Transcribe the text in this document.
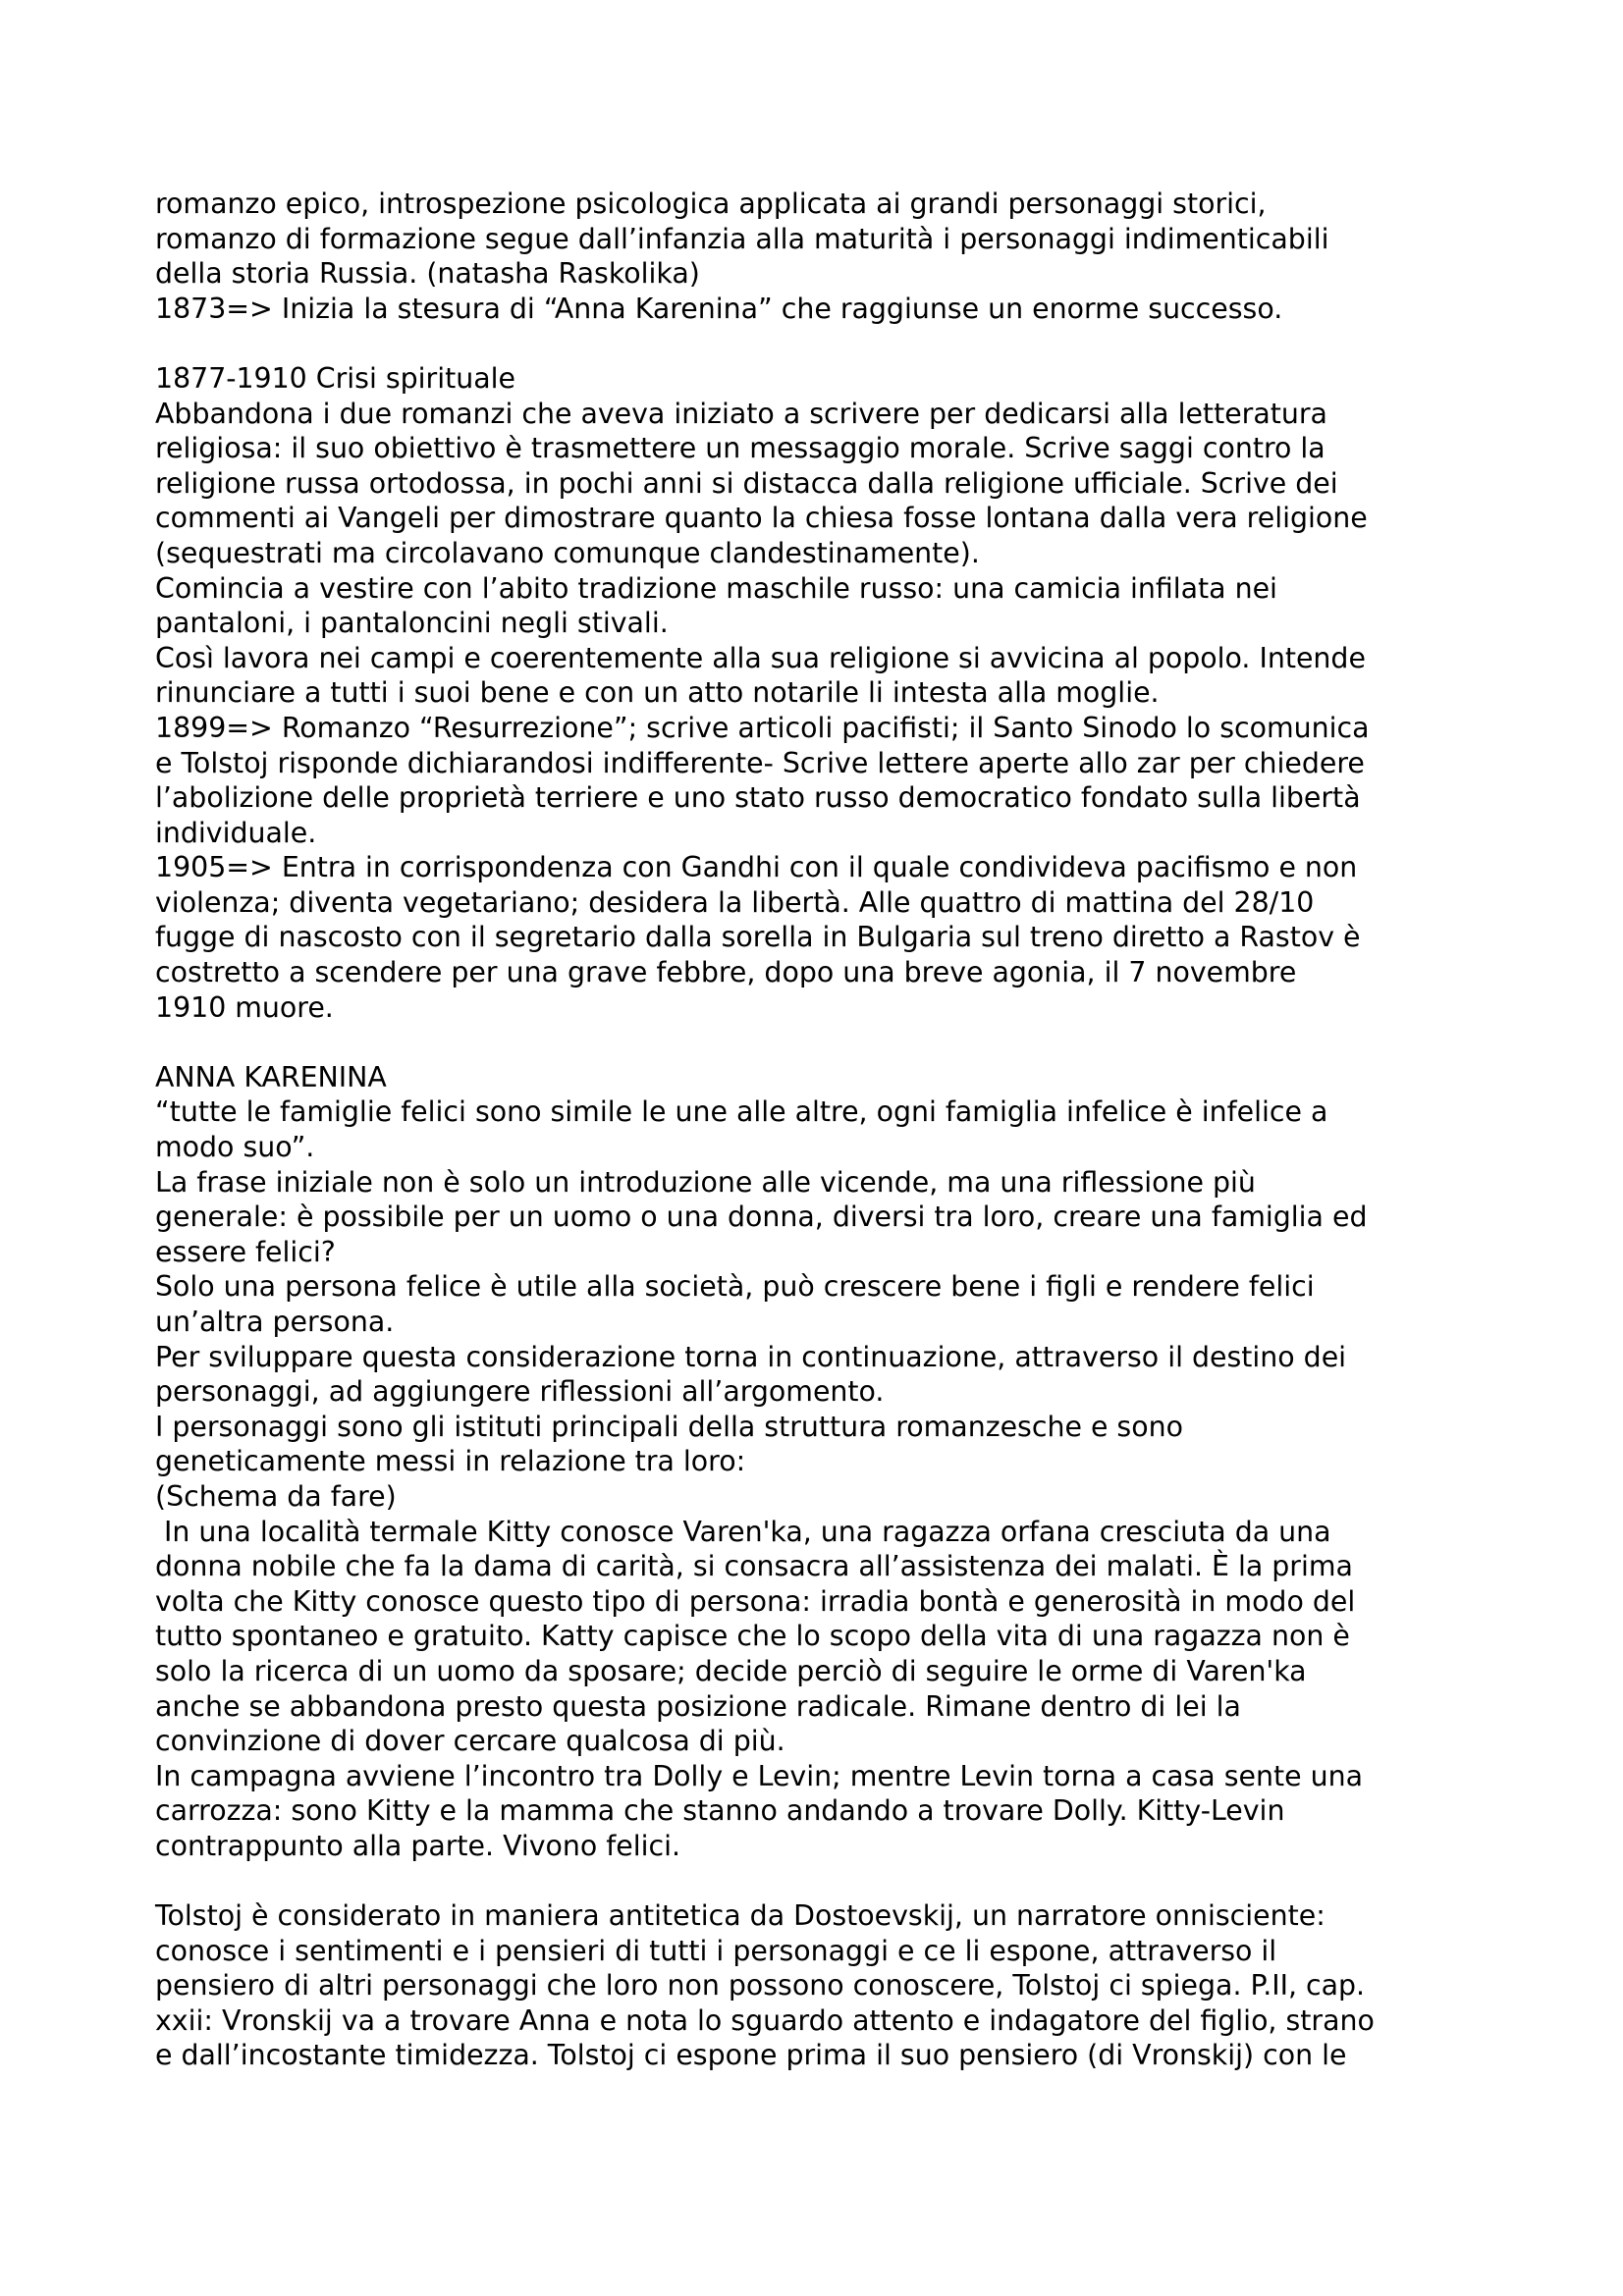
romanzo epico, introspezione psicologica applicata ai grandi personaggi storici,
romanzo di formazione segue dall’infanzia alla maturità i personaggi indimenticabili
della storia Russia. (natasha Raskolika)
1873=> Inizia la stesura di “Anna Karenina” che raggiunse un enorme successo.
1877-1910 Crisi spirituale
Abbandona i due romanzi che aveva iniziato a scrivere per dedicarsi alla letteratura
religiosa: il suo obiettivo è trasmettere un messaggio morale. Scrive saggi contro la
religione russa ortodossa, in pochi anni si distacca dalla religione ufficiale. Scrive dei
commenti ai Vangeli per dimostrare quanto la chiesa fosse lontana dalla vera religione
(sequestrati ma circolavano comunque clandestinamente).
Comincia a vestire con l’abito tradizione maschile russo: una camicia infilata nei
pantaloni, i pantaloncini negli stivali.
Così lavora nei campi e coerentemente alla sua religione si avvicina al popolo. Intende
rinunciare a tutti i suoi bene e con un atto notarile li intesta alla moglie.
1899=> Romanzo “Resurrezione”; scrive articoli pacifisti; il Santo Sinodo lo scomunica
e Tolstoj risponde dichiarandosi indifferente- Scrive lettere aperte allo zar per chiedere
l’abolizione delle proprietà terriere e uno stato russo democratico fondato sulla libertà
individuale.
1905=> Entra in corrispondenza con Gandhi con il quale condivideva pacifismo e non
violenza; diventa vegetariano; desidera la libertà. Alle quattro di mattina del 28/10
fugge di nascosto con il segretario dalla sorella in Bulgaria sul treno diretto a Rastov è
costretto a scendere per una grave febbre, dopo una breve agonia, il 7 novembre
1910 muore.
ANNA KARENINA
“tutte le famiglie felici sono simile le une alle altre, ogni famiglia infelice è infelice a
modo suo”.
La frase iniziale non è solo un introduzione alle vicende, ma una riflessione più
generale: è possibile per un uomo o una donna, diversi tra loro, creare una famiglia ed
essere felici?
Solo una persona felice è utile alla società, può crescere bene i figli e rendere felici
un’altra persona.
Per sviluppare questa considerazione torna in continuazione, attraverso il destino dei
personaggi, ad aggiungere riflessioni all’argomento.
I personaggi sono gli istituti principali della struttura romanzesche e sono
geneticamente messi in relazione tra loro:
(Schema da fare)
In una località termale Kitty conosce Varen'ka, una ragazza orfana cresciuta da una
donna nobile che fa la dama di carità, si consacra all’assistenza dei malati. È la prima
volta che Kitty conosce questo tipo di persona: irradia bontà e generosità in modo del
tutto spontaneo e gratuito. Katty capisce che lo scopo della vita di una ragazza non è
solo la ricerca di un uomo da sposare; decide perciò di seguire le orme di Varen'ka
anche se abbandona presto questa posizione radicale. Rimane dentro di lei la
convinzione di dover cercare qualcosa di più.
In campagna avviene l’incontro tra Dolly e Levin; mentre Levin torna a casa sente una
carrozza: sono Kitty e la mamma che stanno andando a trovare Dolly. Kitty-Levin
contrappunto alla parte. Vivono felici.
Tolstoj è considerato in maniera antitetica da Dostoevskij, un narratore onnisciente:
conosce i sentimenti e i pensieri di tutti i personaggi e ce li espone, attraverso il
pensiero di altri personaggi che loro non possono conoscere, Tolstoj ci spiega. P.II, cap.
xxii: Vronskij va a trovare Anna e nota lo sguardo attento e indagatore del figlio, strano
e dall’incostante timidezza. Tolstoj ci espone prima il suo pensiero (di Vronskij) con le
